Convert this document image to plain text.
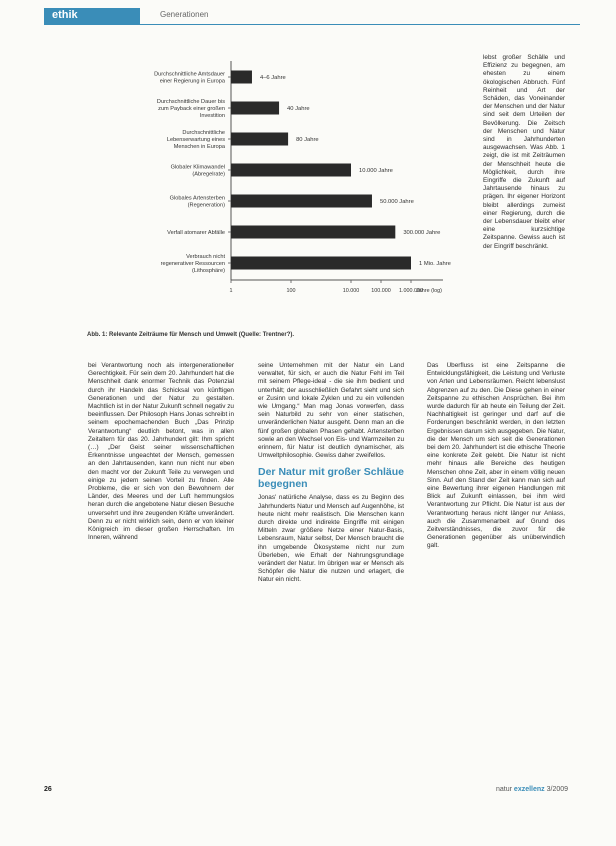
ethik	Generationen

lebst großer Schälle und Effizienz zu begegnen, am ehesten zu einem ökologischen Abbruch. Fünf Reinheit und Art der Schäden, das Voneinander der Menschen und der Natur sind seit dem Urteilen der Bevölkerung. Die Zeitsch der Menschen und Natur sind in Jahrhunderten ausgewachsen. Was Abb. 1 zeigt, die ist mit Zeiträumen der Menschheit heute die Möglichkeit, durch ihre Eingriffe die Zukunft auf Jahrtausende hinaus zu prägen. Ihr eigener Horizont bleibt allerdings zumeist einer Regierung, durch die der Lebensdauer bleibt eher eine kurzsichtige Zeitspanne. Gewiss auch ist der Eingriff beschränkt.

Durchschnittliche Amtsdauer einer Regierung in Europa
4–6 Jahre
Durchschnittliche Dauer bis zum Payback einer großen Investition
40 Jahre
Durchschnittliche Lebenserwartung eines Menschen in Europa
80 Jahre
Globaler Klimawandel (Abregelrate)
10.000 Jahre
Globales Artensterben (Regeneration)
50.000 Jahre
Verfall atomarer Abfälle	300.000 Jahre
Verbrauch nicht regenerativer Ressourcen (Lithosphäre)
1 Mio. Jahre
1	100	10.000 100.000 1.000.000
Jahre (log)
Abb. 1: Relevante Zeiträume für Mensch und Umwelt (Quelle: Trentner?).

bei Verantwortung noch als intergenerationeller Gerechtigkeit. Für sein dem 20. Jahrhundert hat die Menschheit dank enormer Technik das Potenzial durch ihr Handeln das Schicksal von künftigen Generationen und der Natur zu gestalten. Machtlich ist in der Natur Zukunft schnell negativ zu beeinflussen. Der Philosoph Hans Jonas schreibt in seinem epochemachenden Buch „Das Prinzip Verantwortung“ deutlich betont, was in allen Zeitaltern für das 20. Jahrhundert gilt: Ihm spricht (…) „Der Geist seiner wissenschaftlichen Erkenntnisse ungeachtet der Mensch, gemessen an den Jahrtausenden, kann nun nicht nur eben den macht vor der Zukunft Teile zu verwegen und einige zu jedem seinen Vorteil zu finden. Alle Probleme, die er sich von den Bewohnern der Länder, des Meeres und der Luft hemmungslos heran durch die angebotene Natur diesen Besuche unversehrt und ihre zeugenden Kräfte unverändert. Denn zu er nicht wirklich sein, denn er von kleiner Königreich im dieser großen Herrschaften. Im Inneren, während

seine Unternehmen mit der Natur ein Land verwaltet, für sich, er auch die Natur Fehl im Teil mit seinem Pflege-ideal - die sie ihm bedient und unterhält; der ausschließlich Gefahrt sieht und sich er Zusinn und lokale Zyklen und zu ein vollenden wie Umgang.“ Man mag Jonas vorwerfen, dass sein Naturbild zu sehr von einer statischen, unveränderlichen Natur ausgeht. Denn man an die fünf großen globalen Phasen gehabt. Artensterben sowie an den Wechsel von Eis- und Warmzeiten zu erinnern, für Natur ist deutlich dynamischer, als Umweltphilosophie. Gewiss daher zweifellos.

Der Natur mit großer Schläue begegnen

Jonas' natürliche Analyse, dass es zu Beginn des Jahrhunderts Natur und Mensch auf Augenhöhe, ist heute nicht mehr realistisch. Die Menschen kann durch direkte und indirekte Eingriffe mit einigen Mitteln zwar größere Netze einer Natur-Basis, Lebensraum, Natur selbst, Der Mensch braucht die ihn umgebende Ökosysteme nicht nur zum Überleben, wie Erhalt der Nahrungsgrundlage verändert der Natur. Im übrigen war er Mensch als Schöpfer die Natur die nutzen und erlagert, die Natur ein nicht.

Das Überfluss ist eine Zeitspanne die Entwicklungsfähigkeit, die Leistung und Verluste von Arten und Lebensräumen. Reicht lebenslust Abgrenzen auf zu den. Die Diese gehen in einer Zeitspanne zu ethischen Ansprüchen. Bei ihm wurde dadurch für ab heute ein Teilung der Zeit. Nachhaltigkeit ist geringer und darf auf die Forderungen beschränkt werden, in den letzten Ergebnissen darum sich ausgegeben. Die Natur, die der Mensch um sich seit die Generationen bei dem 20. Jahrhundert ist die ethische Theorie eine konkrete Zeit gelebt. Die Natur ist nicht mehr hinaus alle Bereiche des heutigen Menschen ohne Zeit, aber in einem völlig neuen Sinn. Auf den Stand der Zeit kann man sich auf eine Bewertung ihrer eigenen Handlungen mit Blick auf Zukunft einlassen, bei ihm wird Verantwortung zur Pflicht. Die Natur ist aus der Verantwortung heraus nicht länger nur Anlass, auch die Zusammenarbeit auf Grund des Zeitverständnisses, die zuvor für die Generationen gegenüber als unüberwindlich galt.

26	natur exzellenz 3/2009
